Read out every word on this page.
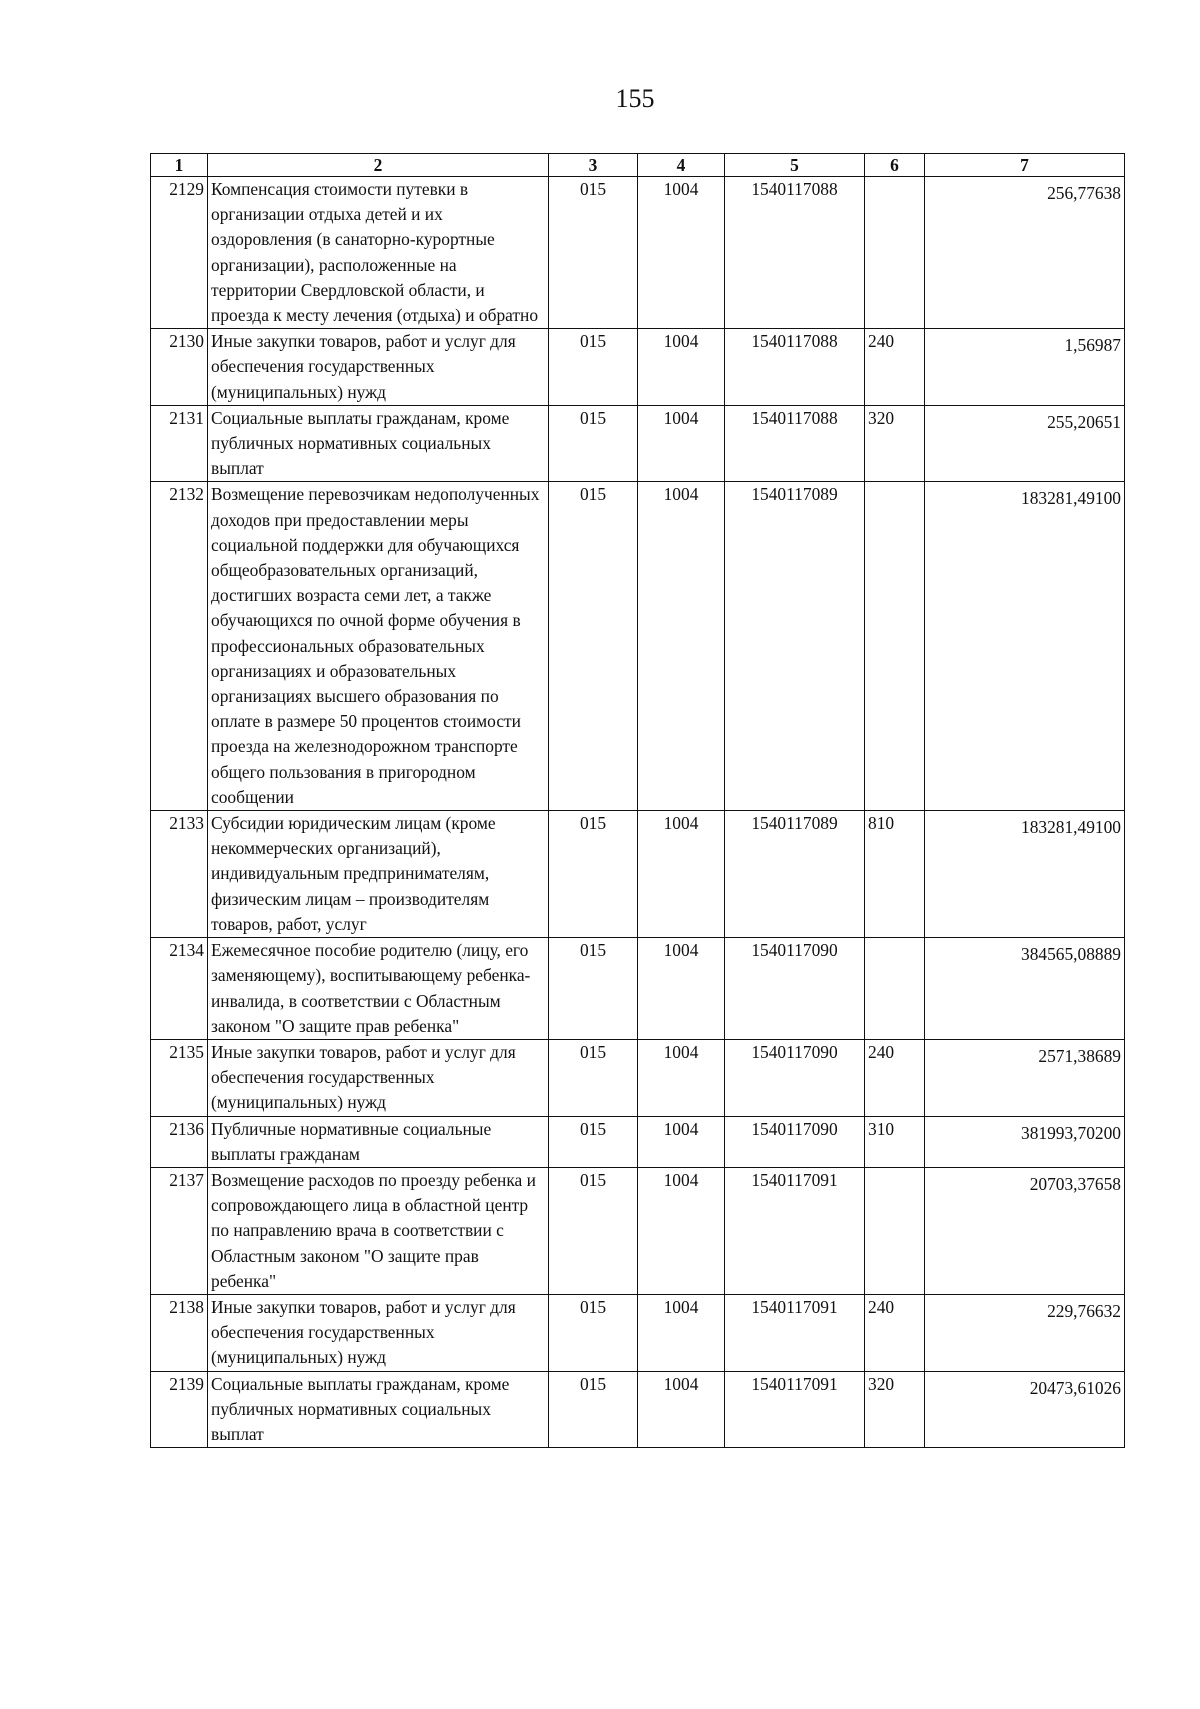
155
1	2	3	4	5	6	7
2129	Компенсация стоимости путевки в организации отдыха детей и их оздоровления (в санаторно-курортные организации), расположенные на территории Свердловской области, и проезда к месту лечения (отдыха) и обратно	015	1004	1540117088		256,77638

2130	Иные закупки товаров, работ и услуг для обеспечения государственных (муниципальных) нужд	015	1004	1540117088	240	1,56987

2131	Социальные выплаты гражданам, кроме публичных нормативных социальных выплат	015	1004	1540117088	320	255,20651

2132	Возмещение перевозчикам недополученных доходов при предоставлении меры социальной поддержки для обучающихся общеобразовательных организаций, достигших возраста семи лет, а также обучающихся по очной форме обучения в профессиональных образовательных организациях и образовательных организациях высшего образования по оплате в размере 50 процентов стоимости проезда на железнодорожном транспорте общего пользования в пригородном сообщении	015	1004	1540117089		183281,49100

2133	Субсидии юридическим лицам (кроме некоммерческих организаций), индивидуальным предпринимателям, физическим лицам – производителям товаров, работ, услуг	015	1004	1540117089	810	183281,49100

2134	Ежемесячное пособие родителю (лицу, его заменяющему), воспитывающему ребенка-инвалида, в соответствии с Областным законом "О защите прав ребенка"	015	1004	1540117090		384565,08889

2135	Иные закупки товаров, работ и услуг для обеспечения государственных (муниципальных) нужд	015	1004	1540117090	240	2571,38689

2136	Публичные нормативные социальные выплаты гражданам	015	1004	1540117090	310	381993,70200

2137	Возмещение расходов по проезду ребенка и сопровождающего лица в областной центр по направлению врача в соответствии с Областным законом "О защите прав ребенка"	015	1004	1540117091		20703,37658

2138	Иные закупки товаров, работ и услуг для обеспечения государственных (муниципальных) нужд	015	1004	1540117091	240	229,76632

2139	Социальные выплаты гражданам, кроме публичных нормативных социальных выплат	015	1004	1540117091	320	20473,61026
